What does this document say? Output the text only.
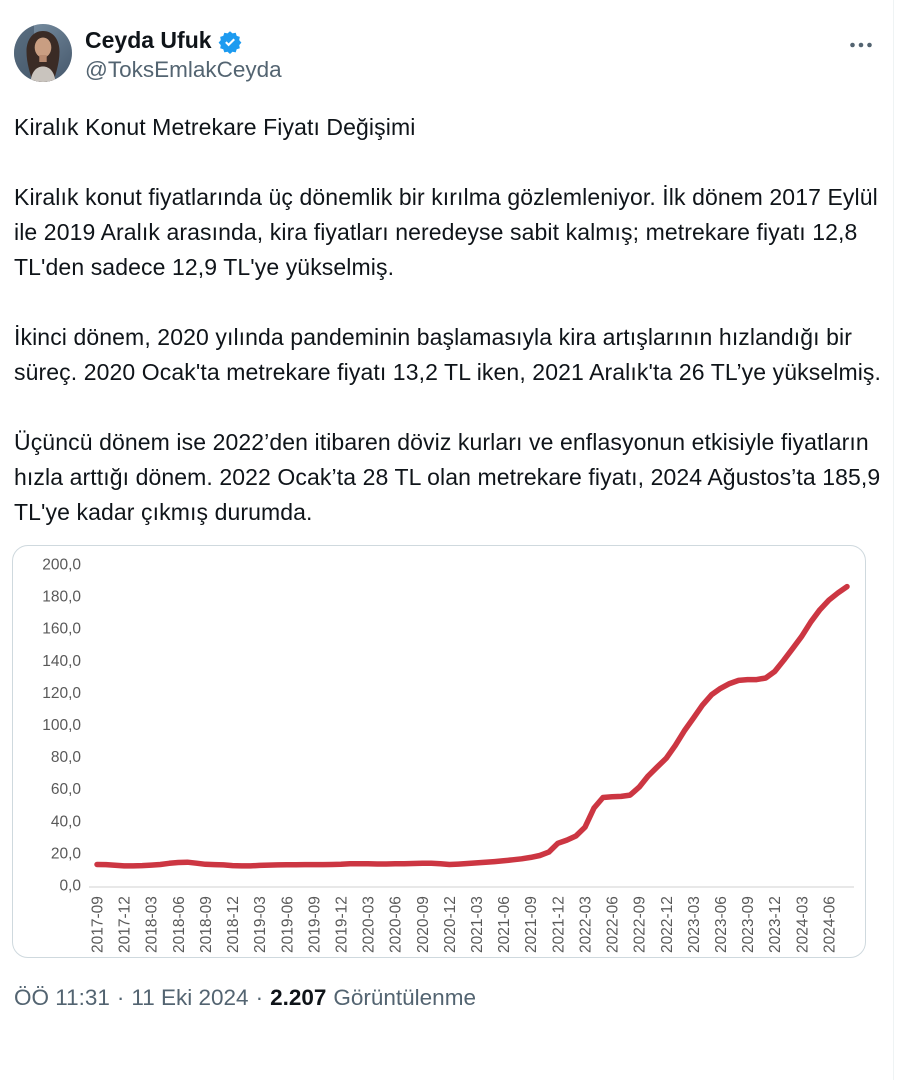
Ceyda Ufuk
@ToksEmlakCeyda

Kiralık Konut Metrekare Fiyatı Değişimi

Kiralık konut fiyatlarında üç dönemlik bir kırılma gözlemleniyor. İlk dönem 2017 Eylül ile 2019 Aralık arasında, kira fiyatları neredeyse sabit kalmış; metrekare fiyatı 12,8 TL'den sadece 12,9 TL'ye yükselmiş.

İkinci dönem, 2020 yılında pandeminin başlamasıyla kira artışlarının hızlandığı bir süreç. 2020 Ocak'ta metrekare fiyatı 13,2 TL iken, 2021 Aralık'ta 26 TL’ye yükselmiş.

Üçüncü dönem ise 2022’den itibaren döviz kurları ve enflasyonun etkisiyle fiyatların hızla arttığı dönem. 2022 Ocak’ta 28 TL olan metrekare fiyatı, 2024 Ağustos’ta 185,9 TL'ye kadar çıkmış durumda.

200,0
180,0
160,0
140,0
120,0
100,0
80,0
60,0
40,0
20,0
0,0
2017-09 2017-12 2018-03 2018-06 2018-09 2018-12 2019-03 2019-06 2019-09 2019-12 2020-03 2020-06 2020-09 2020-12 2021-03 2021-06 2021-09 2021-12 2022-03 2022-06 2022-09 2022-12 2023-03 2023-06 2023-09 2023-12 2024-03 2024-06
ÖÖ 11:31 · 11 Eki 2024 · 2.207 Görüntülenme
